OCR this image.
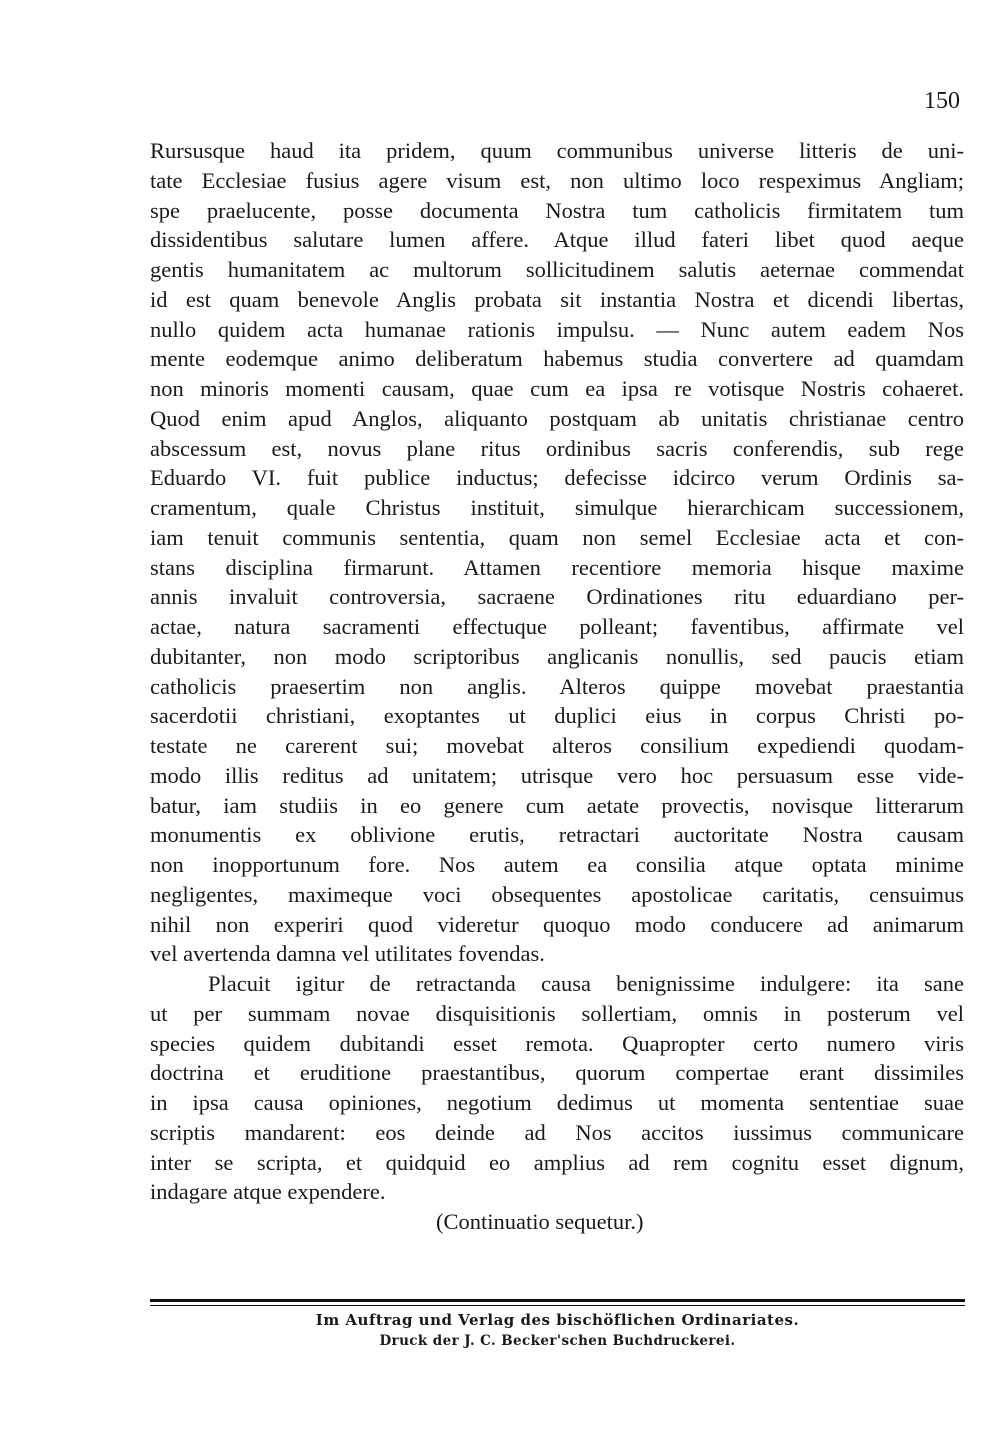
150
Rursusque haud ita pridem, quum communibus universe litteris de uni-
tate Ecclesiae fusius agere visum est, non ultimo loco respeximus Angliam;
spe praelucente, posse documenta Nostra tum catholicis firmitatem tum
dissidentibus salutare lumen affere. Atque illud fateri libet quod aeque
gentis humanitatem ac multorum sollicitudinem salutis aeternae commendat
id est quam benevole Anglis probata sit instantia Nostra et dicendi libertas,
nullo quidem acta humanae rationis impulsu. — Nunc autem eadem Nos
mente eodemque animo deliberatum habemus studia convertere ad quamdam
non minoris momenti causam, quae cum ea ipsa re votisque Nostris cohaeret.
Quod enim apud Anglos, aliquanto postquam ab unitatis christianae centro
abscessum est, novus plane ritus ordinibus sacris conferendis, sub rege
Eduardo VI. fuit publice inductus; defecisse idcirco verum Ordinis sa-
cramentum, quale Christus instituit, simulque hierarchicam successionem,
iam tenuit communis sententia, quam non semel Ecclesiae acta et con-
stans disciplina firmarunt. Attamen recentiore memoria hisque maxime
annis invaluit controversia, sacraene Ordinationes ritu eduardiano per-
actae, natura sacramenti effectuque polleant; faventibus, affirmate vel
dubitanter, non modo scriptoribus anglicanis nonullis, sed paucis etiam
catholicis praesertim non anglis. Alteros quippe movebat praestantia
sacerdotii christiani, exoptantes ut duplici eius in corpus Christi po-
testate ne carerent sui; movebat alteros consilium expediendi quodam-
modo illis reditus ad unitatem; utrisque vero hoc persuasum esse vide-
batur, iam studiis in eo genere cum aetate provectis, novisque litterarum
monumentis ex oblivione erutis, retractari auctoritate Nostra causam
non inopportunum fore. Nos autem ea consilia atque optata minime
negligentes, maximeque voci obsequentes apostolicae caritatis, censuimus
nihil non experiri quod videretur quoquo modo conducere ad animarum
vel avertenda damna vel utilitates fovendas.
Placuit igitur de retractanda causa benignissime indulgere: ita sane
ut per summam novae disquisitionis sollertiam, omnis in posterum vel
species quidem dubitandi esset remota. Quapropter certo numero viris
doctrina et eruditione praestantibus, quorum compertae erant dissimiles
in ipsa causa opiniones, negotium dedimus ut momenta sententiae suae
scriptis mandarent: eos deinde ad Nos accitos iussimus communicare
inter se scripta, et quidquid eo amplius ad rem cognitu esset dignum,
indagare atque expendere.
(Continuatio sequetur.)
Im Auftrag und Verlag des bischöflichen Ordinariates.
Druck der J. C. Becker'schen Buchdruckerei.
